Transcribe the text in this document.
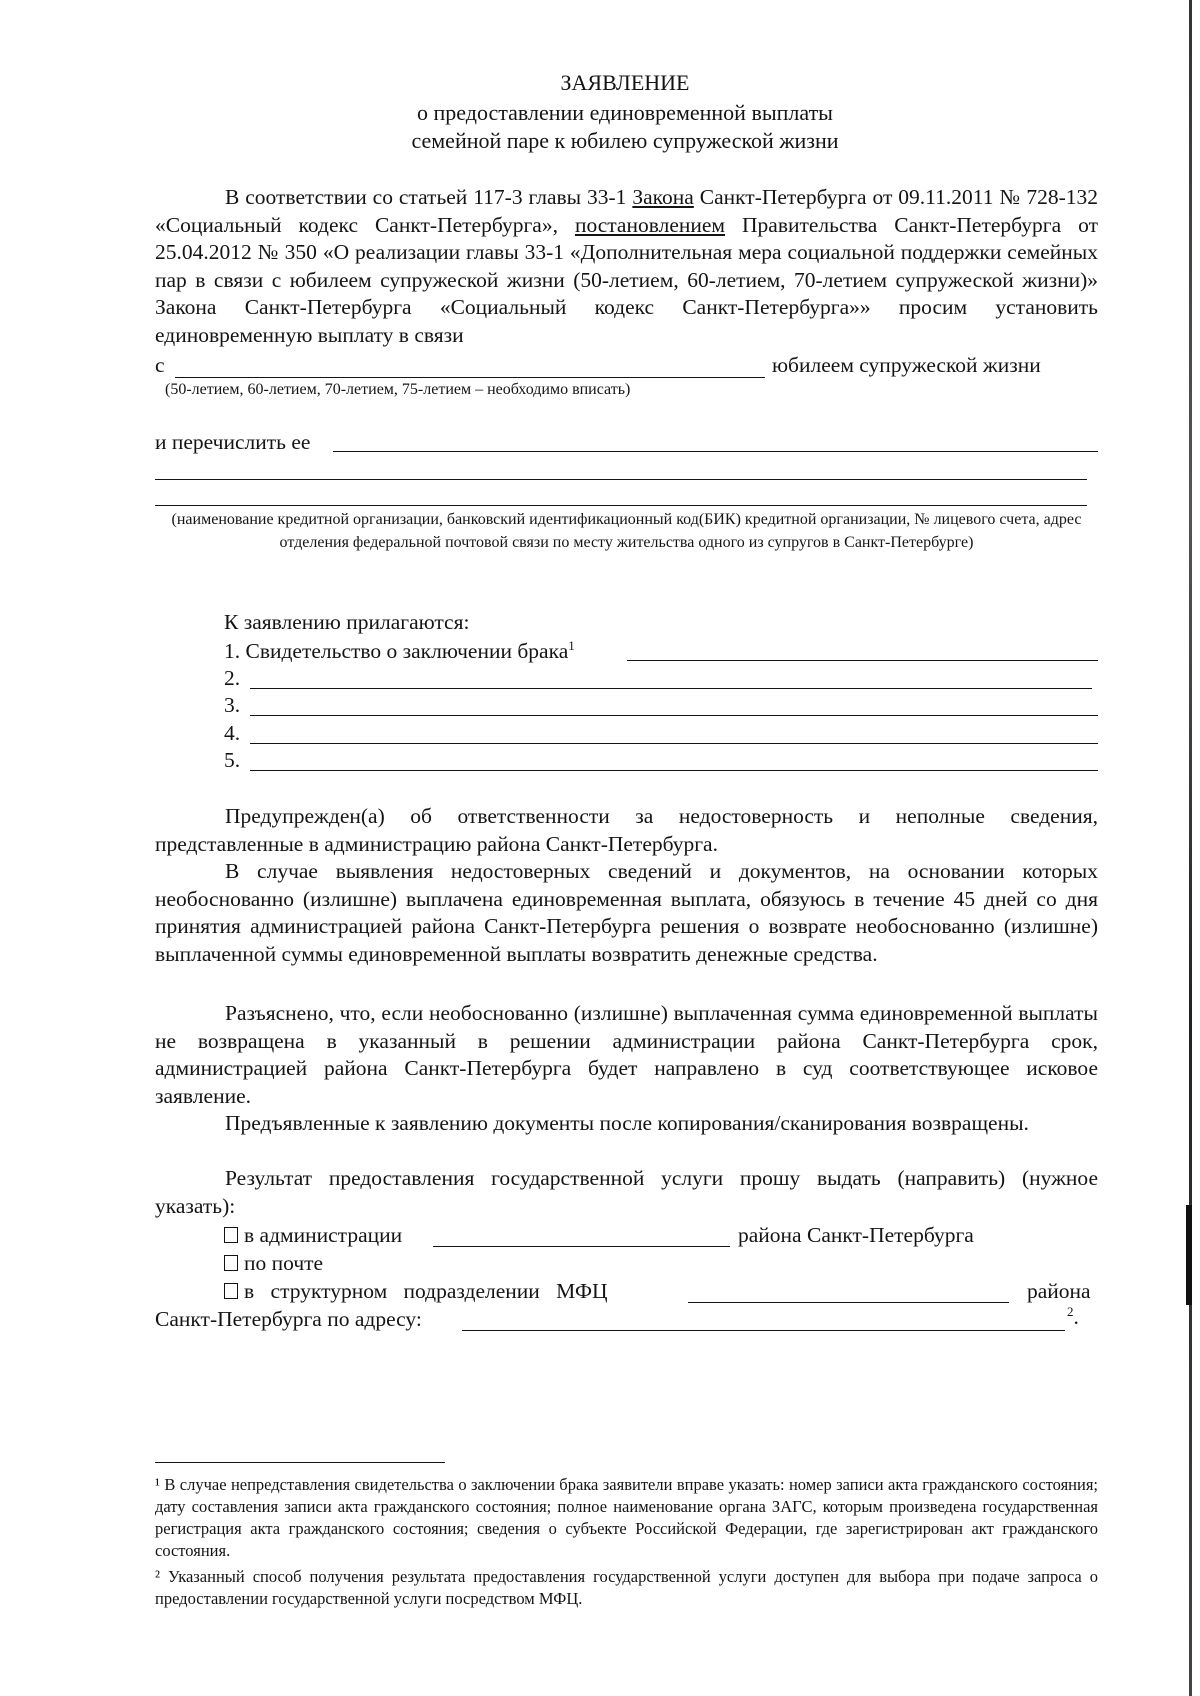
ЗАЯВЛЕНИЕ
о предоставлении единовременной выплаты
семейной паре к юбилею супружеской жизни
В соответствии со статьей 117-3 главы 33-1 Закона Санкт-Петербурга от 09.11.2011 № 728-132 «Социальный кодекс Санкт-Петербурга», постановлением Правительства Санкт-Петербурга от 25.04.2012 № 350 «О реализации главы 33-1 «Дополнительная мера социальной поддержки семейных пар в связи с юбилеем супружеской жизни (50-летием, 60-летием, 70-летием супружеской жизни)» Закона Санкт-Петербурга «Социальный кодекс Санкт-Петербурга»» просим установить единовременную выплату в связи
с	юбилеем супружеской жизни
(50-летием, 60-летием, 70-летием, 75-летием – необходимо вписать)
и перечислить ее
(наименование кредитной организации, банковский идентификационный код(БИК) кредитной организации, № лицевого счета, адрес отделения федеральной почтовой связи по месту жительства одного из супругов в Санкт-Петербурге)
К заявлению прилагаются:
1. Свидетельство о заключении брака$^1$
2.
3.
4.
5.
Предупрежден(а) об ответственности за недостоверность и неполные сведения, представленные в администрацию района Санкт-Петербурга.
В случае выявления недостоверных сведений и документов, на основании которых необоснованно (излишне) выплачена единовременная выплата, обязуюсь в течение 45 дней со дня принятия администрацией района Санкт-Петербурга решения о возврате необоснованно (излишне) выплаченной суммы единовременной выплаты возвратить денежные средства.
Разъяснено, что, если необоснованно (излишне) выплаченная сумма единовременной выплаты не возвращена в указанный в решении администрации района Санкт-Петербурга срок, администрацией района Санкт-Петербурга будет направлено в суд соответствующее исковое заявление.
Предъявленные к заявлению документы после копирования/сканирования возвращены.
Результат предоставления государственной услуги прошу выдать (направить) (нужное указать):
в администрации	района Санкт-Петербурга
по почте
в структурном подразделении МФЦ	района
Санкт-Петербурга по адресу:	$^2$.
¹ В случае непредставления свидетельства о заключении брака заявители вправе указать: номер записи акта гражданского состояния; дату составления записи акта гражданского состояния; полное наименование органа ЗАГС, которым произведена государственная регистрация акта гражданского состояния; сведения о субъекте Российской Федерации, где зарегистрирован акт гражданского состояния.
² Указанный способ получения результата предоставления государственной услуги доступен для выбора при подаче запроса о предоставлении государственной услуги посредством МФЦ.
